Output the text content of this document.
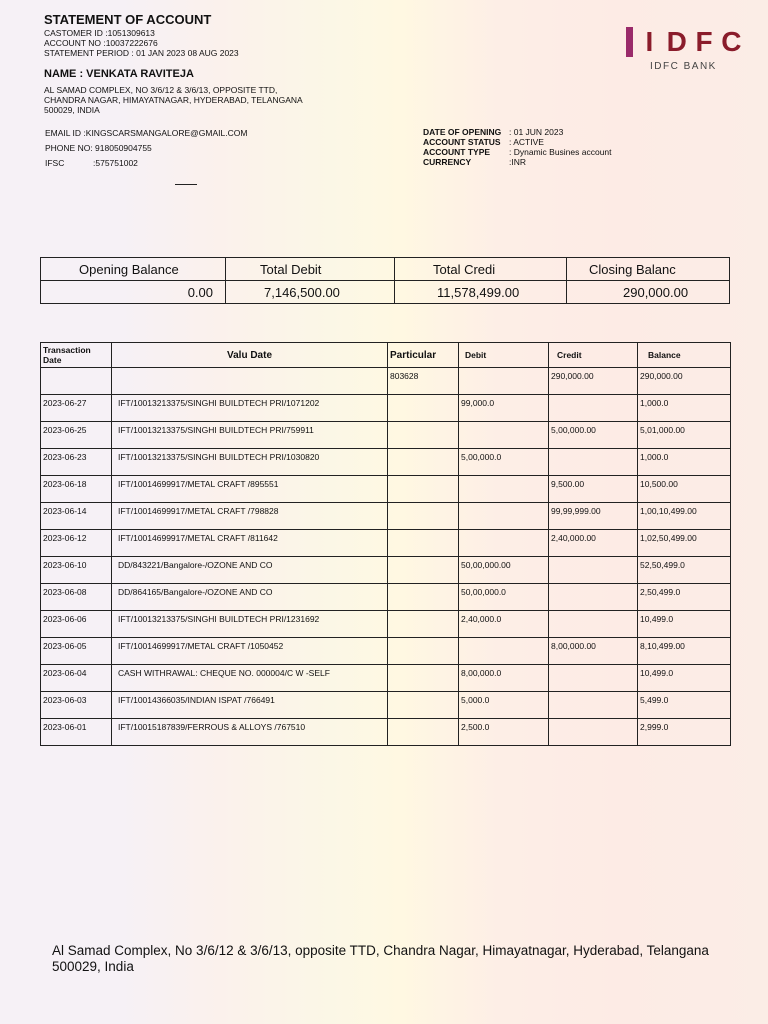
STATEMENT OF ACCOUNT
CASTOMER ID :1051309613
ACCOUNT NO :10037222676
STATEMENT PERIOD : 01 JAN 2023 08 AUG 2023
NAME : VENKATA RAVITEJA
AL SAMAD COMPLEX, NO 3/6/12 & 3/6/13, OPPOSITE TTD,
CHANDRA NAGAR, HIMAYATNAGAR, HYDERABAD, TELANGANA
500029, INDIA
EMAIL ID :KINGSCARSMANGALORE@GMAIL.COM
PHONE NO: 918050904755
IFSC	:575751002
DATE OF OPENING : 01 JUN 2023
ACCOUNT STATUS : ACTIVE
ACCOUNT TYPE : Dynamic Busines account
CURRENCY	:INR
I D F C
IDFC BANK
Opening Balance	Total Debit	Total Credi	Closing Balanc
0.00	7,146,500.00	11,578,499.00	290,000.00
Transaction Date	Valu Date	Particular	Debit	Credit	Balance
		803628		290,000.00	290,000.00
2023-06-27	IFT/10013213375/SINGHI BUILDTECH PRI/1071202		99,000.0		1,000.0
2023-06-25	IFT/10013213375/SINGHI BUILDTECH PRI/759911			5,00,000.00	5,01,000.00
2023-06-23	IFT/10013213375/SINGHI BUILDTECH PRI/1030820		5,00,000.0		1,000.0
2023-06-18	IFT/10014699917/METAL CRAFT /895551			9,500.00	10,500.00
2023-06-14	IFT/10014699917/METAL CRAFT /798828			99,99,999.00	1,00,10,499.00
2023-06-12	IFT/10014699917/METAL CRAFT /811642			2,40,000.00	1,02,50,499.00
2023-06-10	DD/843221/Bangalore-/OZONE AND CO		50,00,000.00		52,50,499.0
2023-06-08	DD/864165/Bangalore-/OZONE AND CO		50,00,000.0		2,50,499.0
2023-06-06	IFT/10013213375/SINGHI BUILDTECH PRI/1231692		2,40,000.0		10,499.0
2023-06-05	IFT/10014699917/METAL CRAFT /1050452			8,00,000.00	8,10,499.00
2023-06-04	CASH WITHRAWAL: CHEQUE NO. 000004/C W -SELF		8,00,000.0		10,499.0
2023-06-03	IFT/10014366035/INDIAN ISPAT /766491		5,000.0		5,499.0
2023-06-01	IFT/10015187839/FERROUS & ALLOYS /767510		2,500.0		2,999.0
Al Samad Complex, No 3/6/12 & 3/6/13, opposite TTD, Chandra Nagar, Himayatnagar, Hyderabad, Telangana 500029, India
